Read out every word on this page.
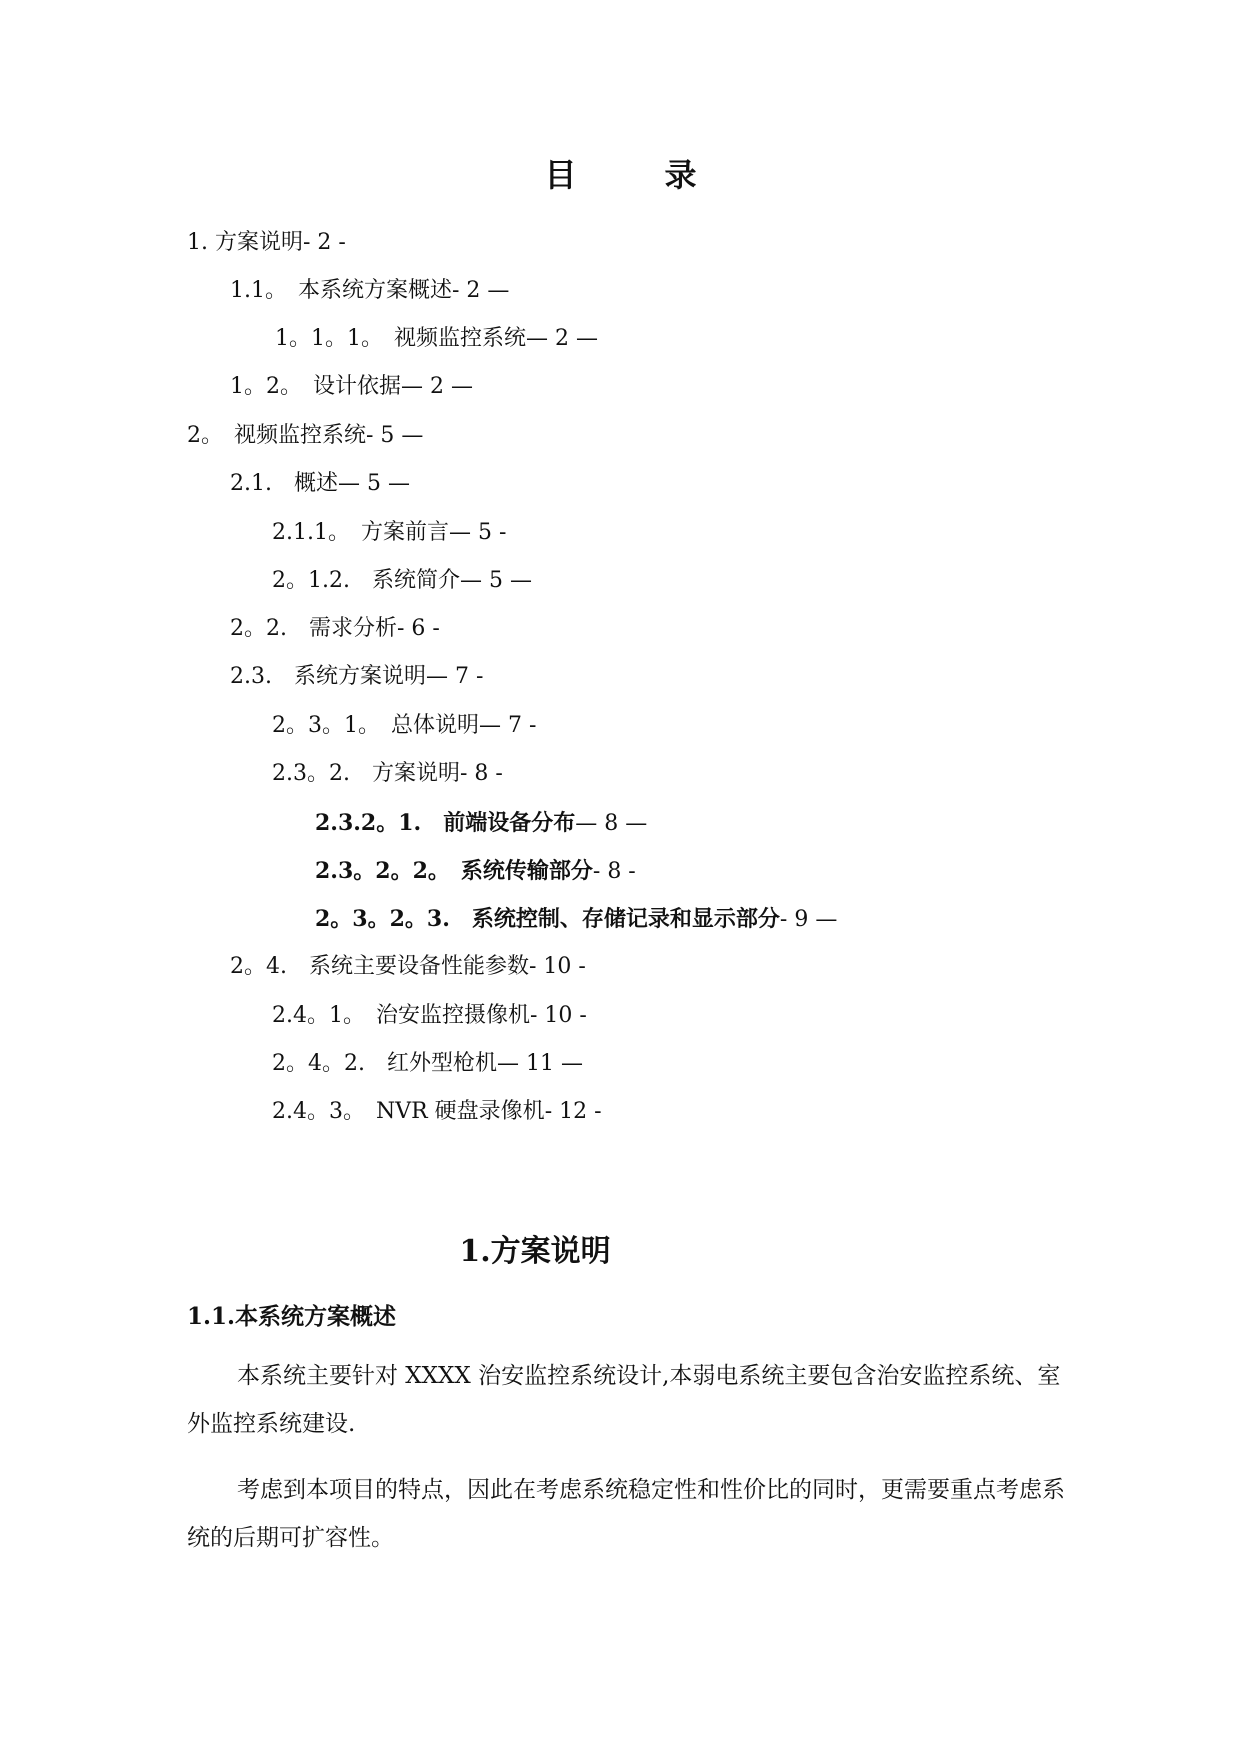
目　录
1. 方案说明- 2 -
1.1。　本系统方案概述- 2 —
1。1。1。　视频监控系统— 2 —
1。2。　设计依据— 2 —
2。　视频监控系统- 5 —
2.1.　概述— 5 —
2.1.1。　方案前言— 5 -
2。1.2.　系统简介— 5 —
2。2.　需求分析- 6 -
2.3.　系统方案说明— 7 -
2。3。1。　总体说明— 7 -
2.3。2.　方案说明- 8 -
2.3.2。1.　前端设备分布— 8 —
2.3。2。2。　系统传输部分- 8 -
2。3。2。3.　系统控制、存储记录和显示部分- 9 —
2。4.　系统主要设备性能参数- 10 -
2.4。1。　治安监控摄像机- 10 -
2。4。2.　红外型枪机— 11 —
2.4。3。　NVR 硬盘录像机- 12 -
1.方案说明
1.1.本系统方案概述
本系统主要针对 XXXX 治安监控系统设计,本弱电系统主要包含治安监控系统、室外监控系统建设.
考虑到本项目的特点，因此在考虑系统稳定性和性价比的同时，更需要重点考虑系统的后期可扩容性。
